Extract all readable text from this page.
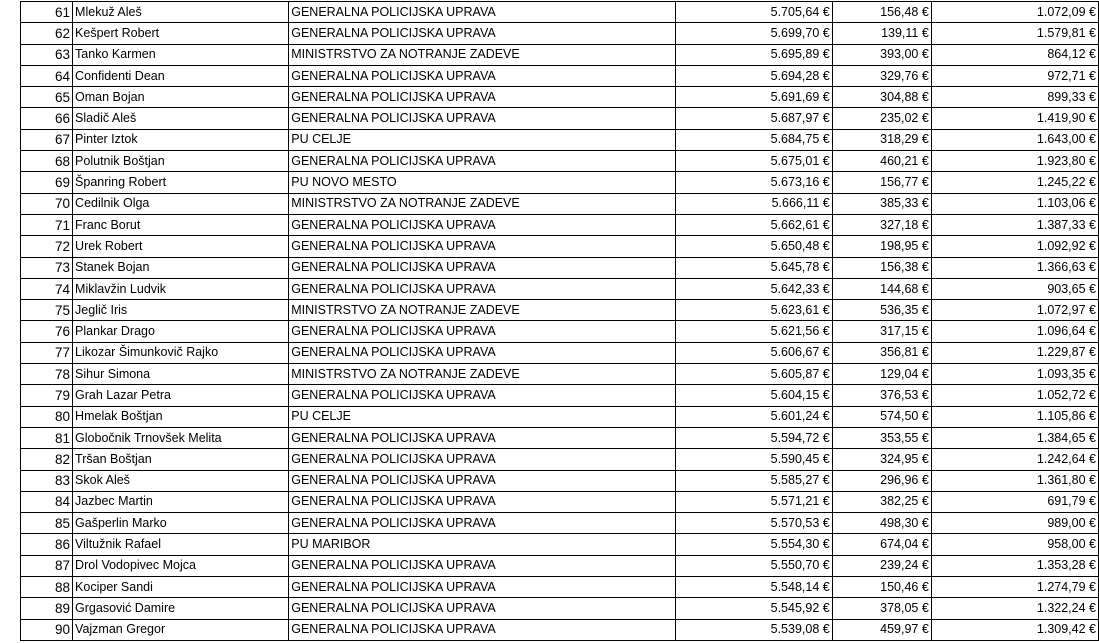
61	Mlekuž Aleš	GENERALNA POLICIJSKA UPRAVA	5.705,64 €	156,48 €	1.072,09 €
62	Kešpert Robert	GENERALNA POLICIJSKA UPRAVA	5.699,70 €	139,11 €	1.579,81 €
63	Tanko Karmen	MINISTRSTVO ZA NOTRANJE ZADEVE	5.695,89 €	393,00 €	864,12 €
64	Confidenti Dean	GENERALNA POLICIJSKA UPRAVA	5.694,28 €	329,76 €	972,71 €
65	Oman Bojan	GENERALNA POLICIJSKA UPRAVA	5.691,69 €	304,88 €	899,33 €
66	Sladič Aleš	GENERALNA POLICIJSKA UPRAVA	5.687,97 €	235,02 €	1.419,90 €
67	Pinter Iztok	PU CELJE	5.684,75 €	318,29 €	1.643,00 €
68	Polutnik Boštjan	GENERALNA POLICIJSKA UPRAVA	5.675,01 €	460,21 €	1.923,80 €
69	Španring Robert	PU NOVO MESTO	5.673,16 €	156,77 €	1.245,22 €
70	Cedilnik Olga	MINISTRSTVO ZA NOTRANJE ZADEVE	5.666,11 €	385,33 €	1.103,06 €
71	Franc Borut	GENERALNA POLICIJSKA UPRAVA	5.662,61 €	327,18 €	1.387,33 €
72	Urek Robert	GENERALNA POLICIJSKA UPRAVA	5.650,48 €	198,95 €	1.092,92 €
73	Stanek Bojan	GENERALNA POLICIJSKA UPRAVA	5.645,78 €	156,38 €	1.366,63 €
74	Miklavžin Ludvik	GENERALNA POLICIJSKA UPRAVA	5.642,33 €	144,68 €	903,65 €
75	Jeglič Iris	MINISTRSTVO ZA NOTRANJE ZADEVE	5.623,61 €	536,35 €	1.072,97 €
76	Plankar Drago	GENERALNA POLICIJSKA UPRAVA	5.621,56 €	317,15 €	1.096,64 €
77	Likozar Šimunkovič Rajko	GENERALNA POLICIJSKA UPRAVA	5.606,67 €	356,81 €	1.229,87 €
78	Sihur Simona	MINISTRSTVO ZA NOTRANJE ZADEVE	5.605,87 €	129,04 €	1.093,35 €
79	Grah Lazar Petra	GENERALNA POLICIJSKA UPRAVA	5.604,15 €	376,53 €	1.052,72 €
80	Hmelak Boštjan	PU CELJE	5.601,24 €	574,50 €	1.105,86 €
81	Globočnik Trnovšek Melita	GENERALNA POLICIJSKA UPRAVA	5.594,72 €	353,55 €	1.384,65 €
82	Tršan Boštjan	GENERALNA POLICIJSKA UPRAVA	5.590,45 €	324,95 €	1.242,64 €
83	Skok Aleš	GENERALNA POLICIJSKA UPRAVA	5.585,27 €	296,96 €	1.361,80 €
84	Jazbec Martin	GENERALNA POLICIJSKA UPRAVA	5.571,21 €	382,25 €	691,79 €
85	Gašperlin Marko	GENERALNA POLICIJSKA UPRAVA	5.570,53 €	498,30 €	989,00 €
86	Viltužnik Rafael	PU MARIBOR	5.554,30 €	674,04 €	958,00 €
87	Drol Vodopivec Mojca	GENERALNA POLICIJSKA UPRAVA	5.550,70 €	239,24 €	1.353,28 €
88	Kociper Sandi	GENERALNA POLICIJSKA UPRAVA	5.548,14 €	150,46 €	1.274,79 €
89	Grgasović Damire	GENERALNA POLICIJSKA UPRAVA	5.545,92 €	378,05 €	1.322,24 €
90	Vajzman Gregor	GENERALNA POLICIJSKA UPRAVA	5.539,08 €	459,97 €	1.309,42 €
